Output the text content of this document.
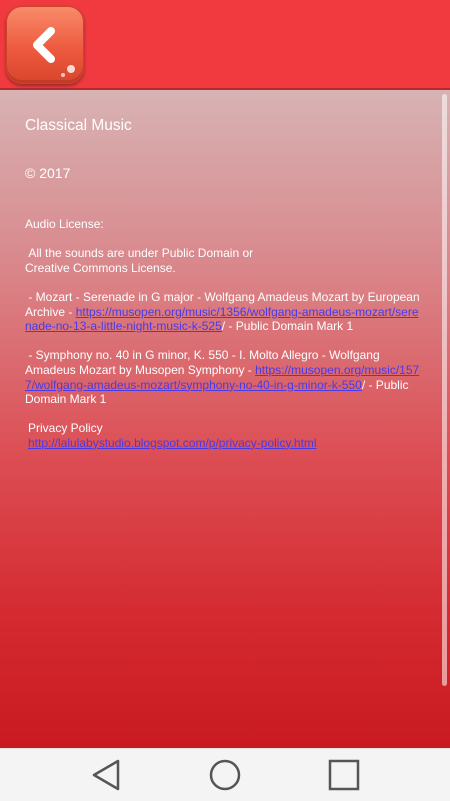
Classical Music
© 2017

Audio License:

All the sounds are under Public Domain or

Creative Commons License.

- Mozart - Serenade in G major - Wolfgang Amadeus Mozart by European Archive - https://musopen.org/music/1356/wolfgang-amadeus-mozart/serenade-no-13-a-little-night-music-k-525/ - Public Domain Mark 1

- Symphony no. 40 in G minor, K. 550 - I. Molto Allegro - Wolfgang Amadeus Mozart by Musopen Symphony - https://musopen.org/music/1577/wolfgang-amadeus-mozart/symphony-no-40-in-g-minor-k-550/ - Public Domain Mark 1

Privacy Policy

http://lalulabystudio.blogspot.com/p/privacy-policy.html
